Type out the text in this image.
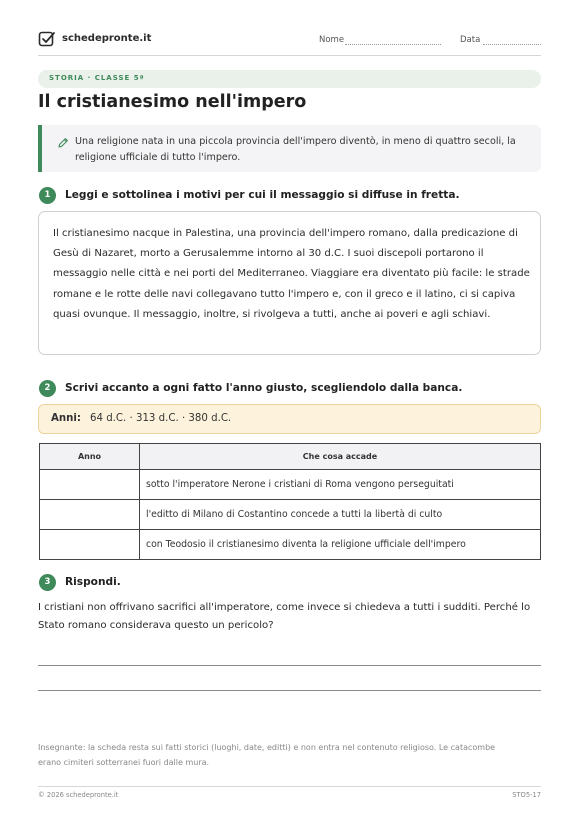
schedepronte.it	Nome	Data
STORIA · CLASSE 5ª
Il cristianesimo nell'impero
Una religione nata in una piccola provincia dell'impero diventò, in meno di quattro secoli, la religione ufficiale di tutto l'impero.
1	Leggi e sottolinea i motivi per cui il messaggio si diffuse in fretta.
Il cristianesimo nacque in Palestina, una provincia dell'impero romano, dalla predicazione di Gesù di Nazaret, morto a Gerusalemme intorno al 30 d.C. I suoi discepoli portarono il messaggio nelle città e nei porti del Mediterraneo. Viaggiare era diventato più facile: le strade romane e le rotte delle navi collegavano tutto l'impero e, con il greco e il latino, ci si capiva quasi ovunque. Il messaggio, inoltre, si rivolgeva a tutti, anche ai poveri e agli schiavi.
2	Scrivi accanto a ogni fatto l'anno giusto, scegliendolo dalla banca.
Anni: 64 d.C. · 313 d.C. · 380 d.C.
Anno	Che cosa accade
	sotto l'imperatore Nerone i cristiani di Roma vengono perseguitati
	l'editto di Milano di Costantino concede a tutti la libertà di culto
	con Teodosio il cristianesimo diventa la religione ufficiale dell'impero
3	Rispondi.
I cristiani non offrivano sacrifici all'imperatore, come invece si chiedeva a tutti i sudditi. Perché lo Stato romano considerava questo un pericolo?
Insegnante: la scheda resta sui fatti storici (luoghi, date, editti) e non entra nel contenuto religioso. Le catacombe erano cimiteri sotterranei fuori dalle mura.
© 2026 schedepronte.it	STO5-17
